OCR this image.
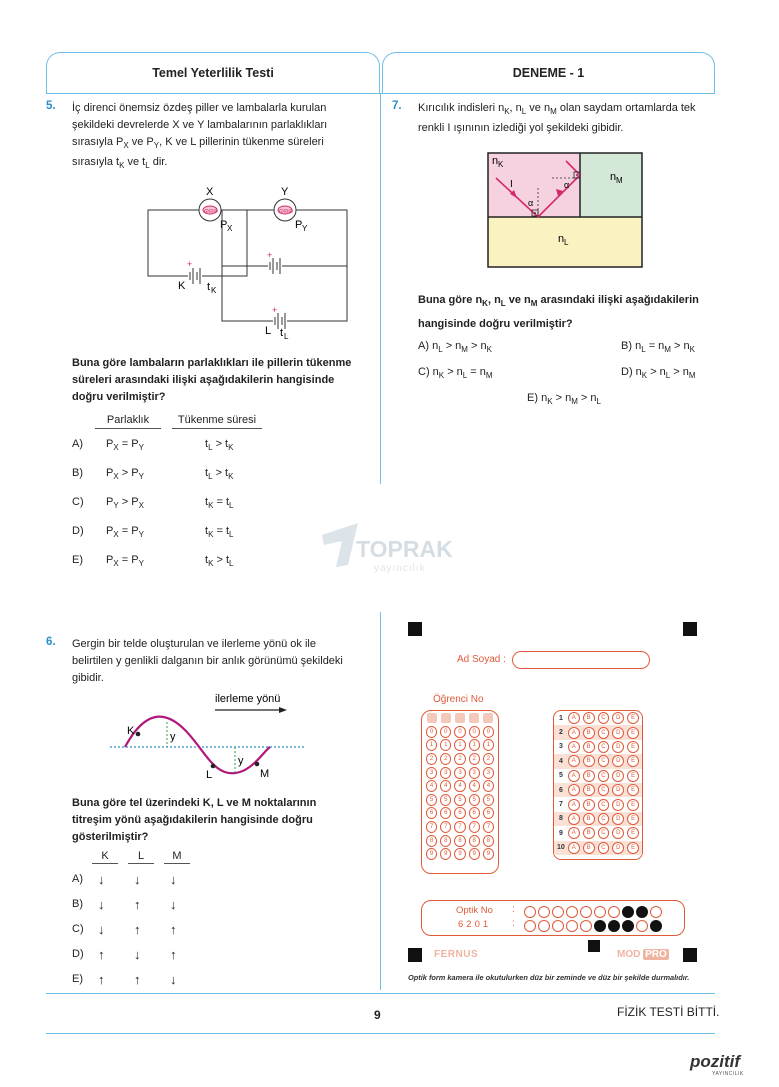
Temel Yeterlilik Testi	DENEME - 1
5. İç direnci önemsiz özdeş piller ve lambalarla kurulan
şekildeki devrelerde X ve Y lambalarının parlaklıkları
sırasıyla $P_X$ ve $P_Y$, K ve L pillerinin tükenme süreleri
sırasıyla $t_K$ ve $t_L$ dir.
+
ɷɷɷ
X
P X
K t K
ɷɷɷ
Y
P Y
+
+
L t L
Buna göre lambaların parlaklıkları ile pillerin tükenme
süreleri arasındaki ilişki aşağıdakilerin hangisinde
doğru verilmiştir?
Parlaklık	Tükenme süresi
A) $P_X = P_Y$	$t_L > t_K$
B) $P_X > P_Y$	$t_L > t_K$
C) $P_Y > P_X$	$t_K = t_L$
D) $P_X = P_Y$	$t_K = t_L$
E) $P_X = P_Y$	$t_K > t_L$
TOPRAK
yayıncılık
7. Kırıcılık indisleri $n_K$, $n_L$ ve $n_M$ olan saydam ortamlarda tek
renkli I ışınının izlediği yol şekildeki gibidir.
n K
n M
n L
I
α
α
Buna göre $n_K$, $n_L$ ve $n_M$ arasındaki ilişki aşağıdakilerin
hangisinde doğru verilmiştir?
A) $n_L > n_M > n_K$	B) $n_L = n_M > n_K$
C) $n_K > n_L = n_M$	D) $n_K > n_L > n_M$
E) $n_K > n_M > n_L$
6. Gergin bir telde oluşturulan ve ilerleme yönü ok ile
belirtilen y genlikli dalganın bir anlık görünümü şekildeki
gibidir.
ilerleme yönü
K
L	M
y
y
Buna göre tel üzerindeki K, L ve M noktalarının
titreşim yönü aşağıdakilerin hangisinde doğru
gösterilmiştir?
K	L	M
A) ↓ ↓ ↓
B) ↓ ↑ ↓
C) ↓ ↑ ↑
D) ↑ ↓ ↑
E) ↑ ↑ ↓
Ad Soyad :
Öğrenci No
0	0	0	0	0
1	1	1	1	1
2	2	2	2	2
3	3	3	3	3
4	4	4	4	4
5	5	5	5	5
6	6	6	6	6
7	7	7	7	7
8	8	8	8	8
9	9	9	9	9
1	A	B	C	D	E
2	A	B	C	D	E
3	A	B	C	D	E
4	A	B	C	D	E
5	A	B	C	D	E
6	A	B	C	D	E
7	A	B	C	D	E
8	A	B	C	D	E
9	A	B	C	D	E
10	A	B	C	D	E
Optik No
6201
:
:
FERNUS	MOD PRO
Optik form kamera ile okutulurken düz bir zeminde ve düz bir şekilde durmalıdır.
9	FİZİK TESTİ BİTTİ.
pozitif
YAYINCILIK
